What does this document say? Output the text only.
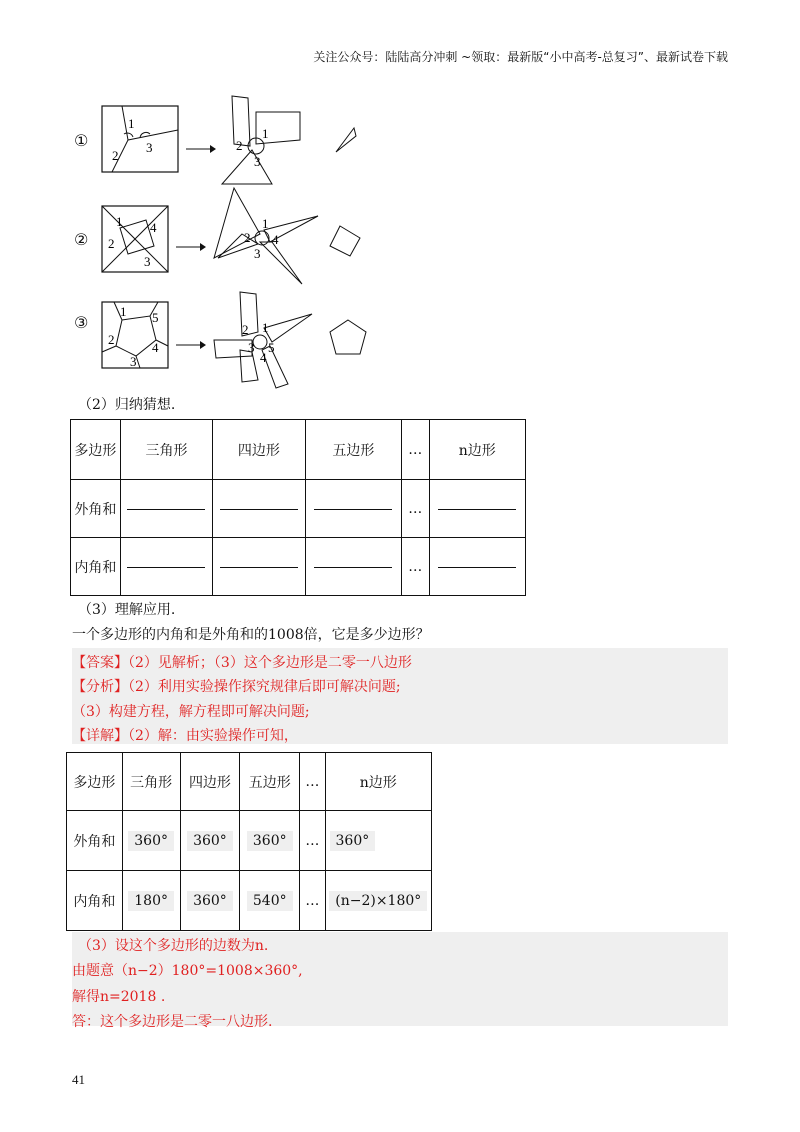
关注公众号：陆陆高分冲刺 ~领取：最新版“小中高考-总复习”、最新试卷下载
①
1
2
3
1
2
3
②
1
2
3
4	1
2
3
4
③
1
2
3
4
5
2 1
3
4
5
（2）归纳猜想.
多边形	三角形	四边形	五边形	…	n边形
外角和				…	
内角和				…	
（3）理解应用.
一个多边形的内角和是外角和的1008倍，它是多少边形？
【答案】（2）见解析；（3）这个多边形是二零一八边形
【分析】（2）利用实验操作探究规律后即可解决问题;
（3）构建方程，解方程即可解决问题;
【详解】（2）解：由实验操作可知，
多边形	三角形	四边形	五边形	…	n边形
外角和	360°	360°	360°	…	360°
内角和	180°	360°	540°	…	(n−2)×180°
（3）设这个多边形的边数为n.
由题意（n−2）180°=1008×360°,
解得n=2018 .
答：这个多边形是二零一八边形.
41
